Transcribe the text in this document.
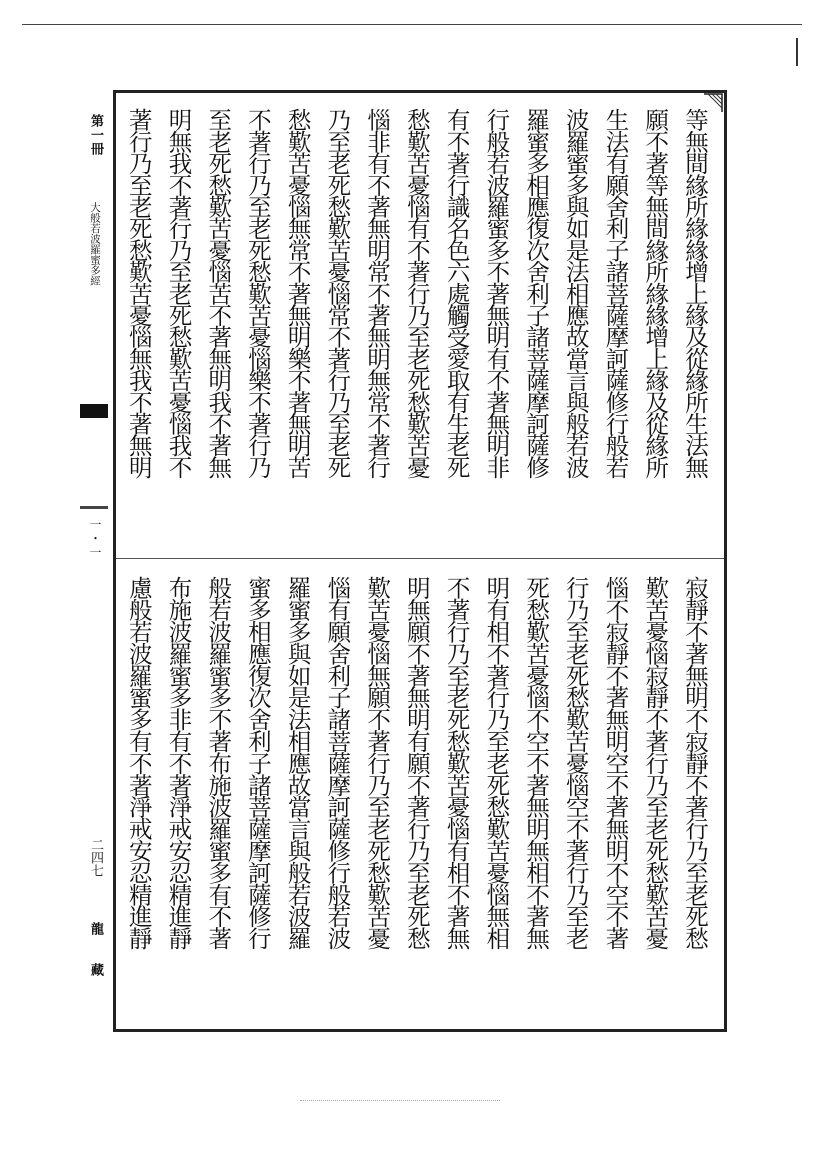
第一冊
大般若波羅蜜多經
一・一
二四七
龍藏
等無間緣所緣緣增上緣及從緣所生法無
願不著等無間緣所緣緣增上緣及從緣所
生法有願舍利子諸菩薩摩訶薩修行般若
波羅蜜多與如是法相應故當言與般若波
羅蜜多相應復次舍利子諸菩薩摩訶薩修
行般若波羅蜜多不著無明有不著無明非
有不著行識名色六處觸受愛取有生老死
愁歎苦憂惱有不著行乃至老死愁歎苦憂
惱非有不著無明常不著無明無常不著行
乃至老死愁歎苦憂惱常不著行乃至老死
愁歎苦憂惱無常不著無明樂不著無明苦
不著行乃至老死愁歎苦憂惱樂不著行乃
至老死愁歎苦憂惱苦不著無明我不著無
明無我不著行乃至老死愁歎苦憂惱我不
著行乃至老死愁歎苦憂惱無我不著無明
寂靜不著無明不寂靜不著行乃至老死愁
歎苦憂惱寂靜不著行乃至老死愁歎苦憂
惱不寂靜不著無明空不著無明不空不著
行乃至老死愁歎苦憂惱空不著行乃至老
死愁歎苦憂惱不空不著無明無相不著無
明有相不著行乃至老死愁歎苦憂惱無相
不著行乃至老死愁歎苦憂惱有相不著無
明無願不著無明有願不著行乃至老死愁
歎苦憂惱無願不著行乃至老死愁歎苦憂
惱有願舍利子諸菩薩摩訶薩修行般若波
羅蜜多與如是法相應故當言與般若波羅
蜜多相應復次舍利子諸菩薩摩訶薩修行
般若波羅蜜多不著布施波羅蜜多有不著
布施波羅蜜多非有不著淨戒安忍精進靜
慮般若波羅蜜多有不著淨戒安忍精進靜
